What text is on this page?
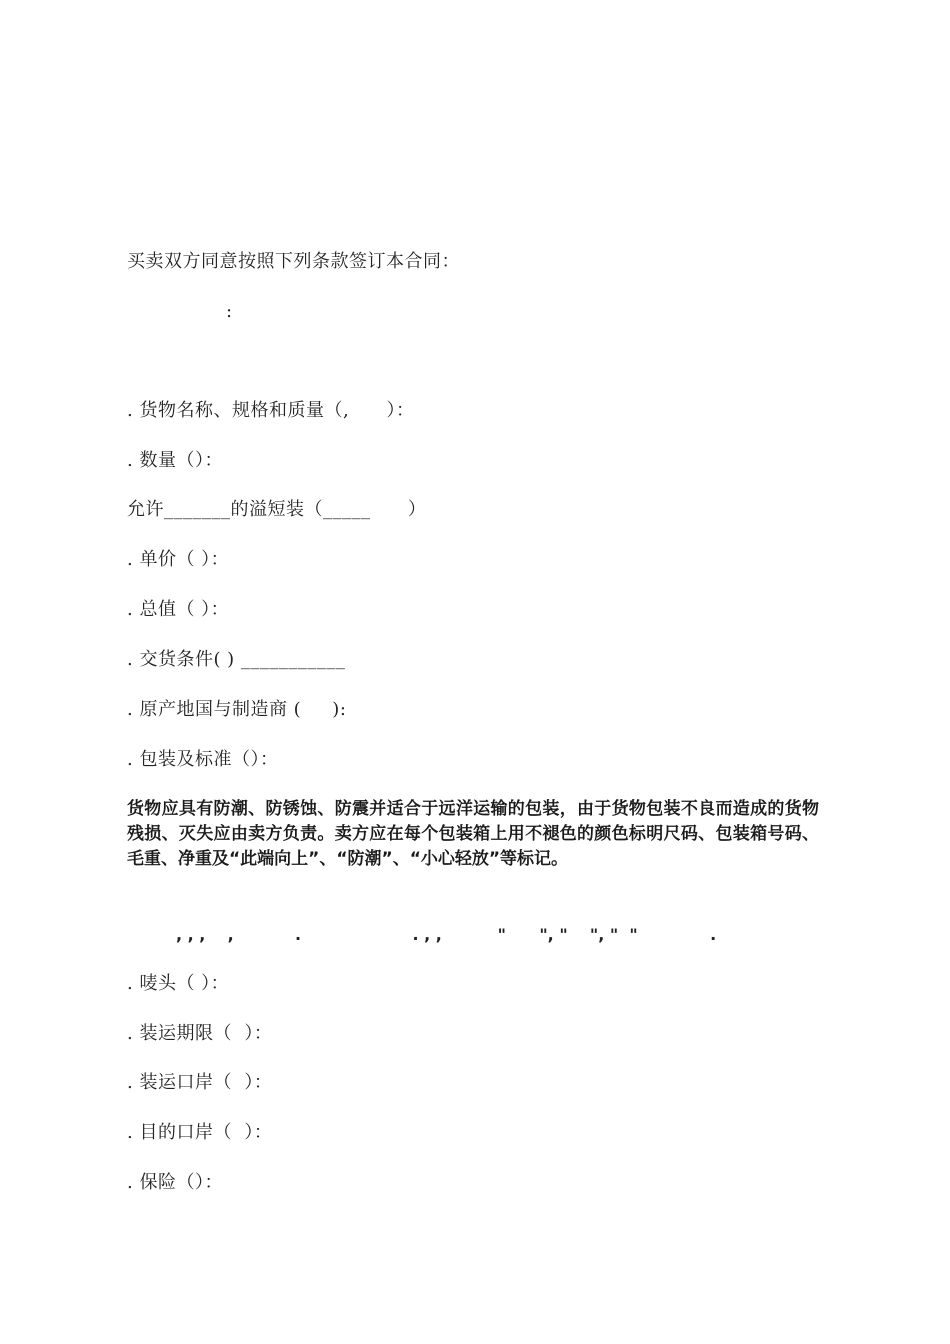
买卖双方同意按照下列条款签订本合同：
:
. 货物名称、规格和质量（,      ）：
. 数量（）：
允许_______的溢短装（_____      ）
. 单价（ ）：
. 总值（ ）：
. 交货条件( ) ___________
. 原产地国与制造商 (     ):
. 包装及标准（）：
货物应具有防潮、防锈蚀、防震并适合于远洋运输的包装，由于货物包装不良而造成的货物残损、灭失应由卖方负责。卖方应在每个包装箱上用不褪色的颜色标明尺码、包装箱号码、毛重、净重及“此端向上”、“防潮”、“小心轻放”等标记。
, , ,    ,           .                    . , ,          "      ", "    ", "  "             .
. 唛头（ ）：
. 装运期限（  ）：
. 装运口岸（  ）：
. 目的口岸（  ）：
. 保险（）：
